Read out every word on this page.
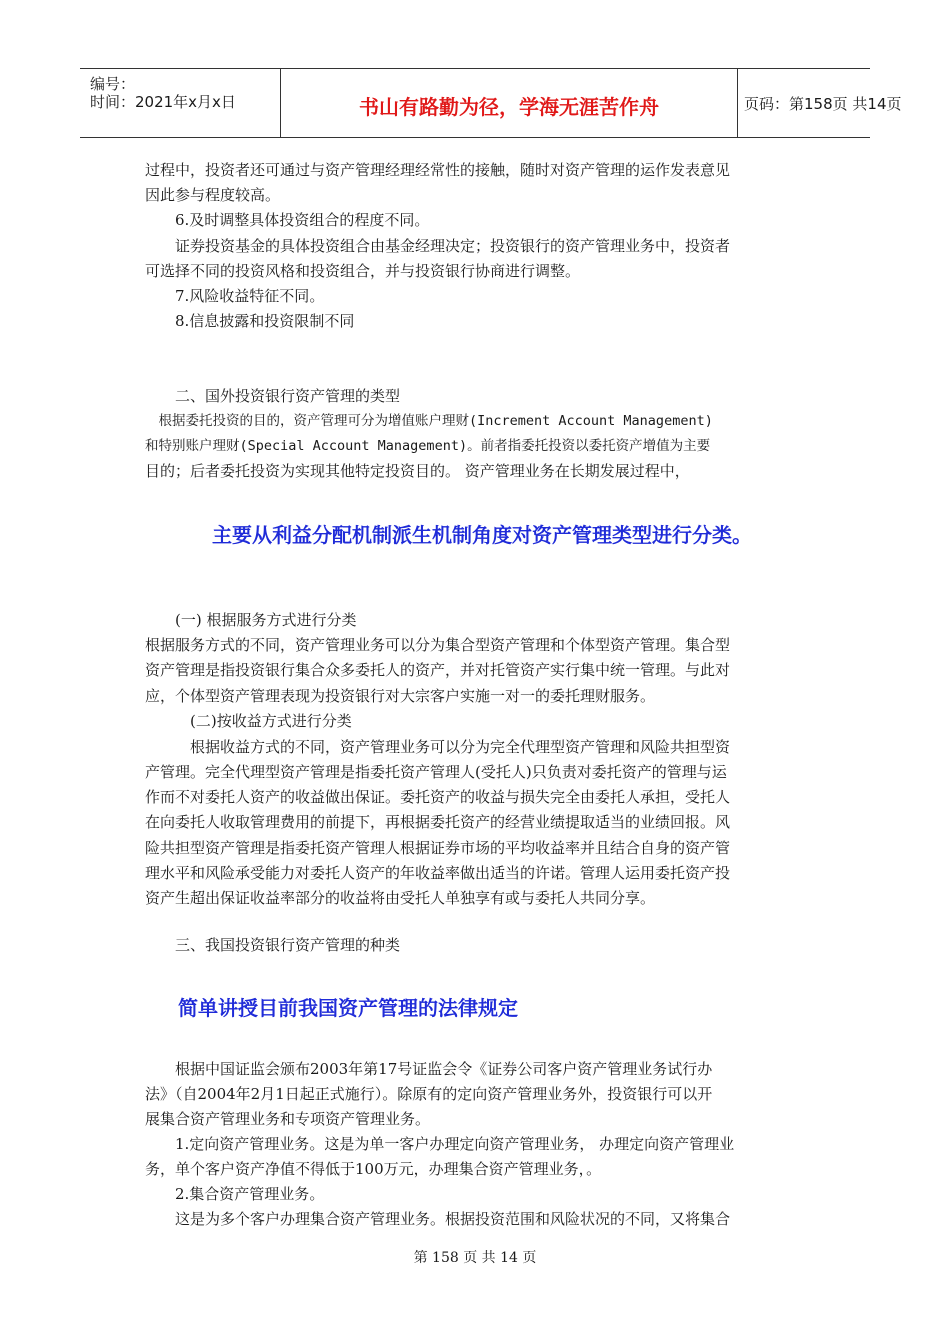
编号：
时间：2021年x月x日	书山有路勤为径，学海无涯苦作舟	页码：第158页 共14页
过程中，投资者还可通过与资产管理经理经常性的接触，随时对资产管理的运作发表意见
因此参与程度较高。
　　6.及时调整具体投资组合的程度不同。
　　证券投资基金的具体投资组合由基金经理决定；投资银行的资产管理业务中，投资者
可选择不同的投资风格和投资组合，并与投资银行协商进行调整。
　　7.风险收益特征不同。
　　8.信息披露和投资限制不同
　　二、国外投资银行资产管理的类型
　根据委托投资的目的，资产管理可分为增值账户理财(Increment Account Management)
和特别账户理财(Special Account Management)。前者指委托投资以委托资产增值为主要
目的；后者委托投资为实现其他特定投资目的。 资产管理业务在长期发展过程中，
主要从利益分配机制派生机制角度对资产管理类型进行分类。
　　(一) 根据服务方式进行分类
根据服务方式的不同，资产管理业务可以分为集合型资产管理和个体型资产管理。集合型
资产管理是指投资银行集合众多委托人的资产，并对托管资产实行集中统一管理。与此对
应，个体型资产管理表现为投资银行对大宗客户实施一对一的委托理财服务。
　　　(二)按收益方式进行分类
　　　根据收益方式的不同，资产管理业务可以分为完全代理型资产管理和风险共担型资
产管理。完全代理型资产管理是指委托资产管理人(受托人)只负责对委托资产的管理与运
作而不对委托人资产的收益做出保证。委托资产的收益与损失完全由委托人承担，受托人
在向委托人收取管理费用的前提下，再根据委托资产的经营业绩提取适当的业绩回报。风
险共担型资产管理是指委托资产管理人根据证券市场的平均收益率并且结合自身的资产管
理水平和风险承受能力对委托人资产的年收益率做出适当的许诺。管理人运用委托资产投
资产生超出保证收益率部分的收益将由受托人单独享有或与委托人共同分享。
　　三、我国投资银行资产管理的种类
简单讲授目前我国资产管理的法律规定
　　根据中国证监会颁布2003年第17号证监会令《证券公司客户资产管理业务试行办
法》（自2004年2月1日起正式施行）。除原有的定向资产管理业务外，投资银行可以开
展集合资产管理业务和专项资产管理业务。
　　1.定向资产管理业务。这是为单一客户办理定向资产管理业务， 办理定向资产管理业
务，单个客户资产净值不得低于100万元，办理集合资产管理业务，。
　　2.集合资产管理业务。
　　这是为多个客户办理集合资产管理业务。根据投资范围和风险状况的不同，又将集合
第 158 页 共 14 页
